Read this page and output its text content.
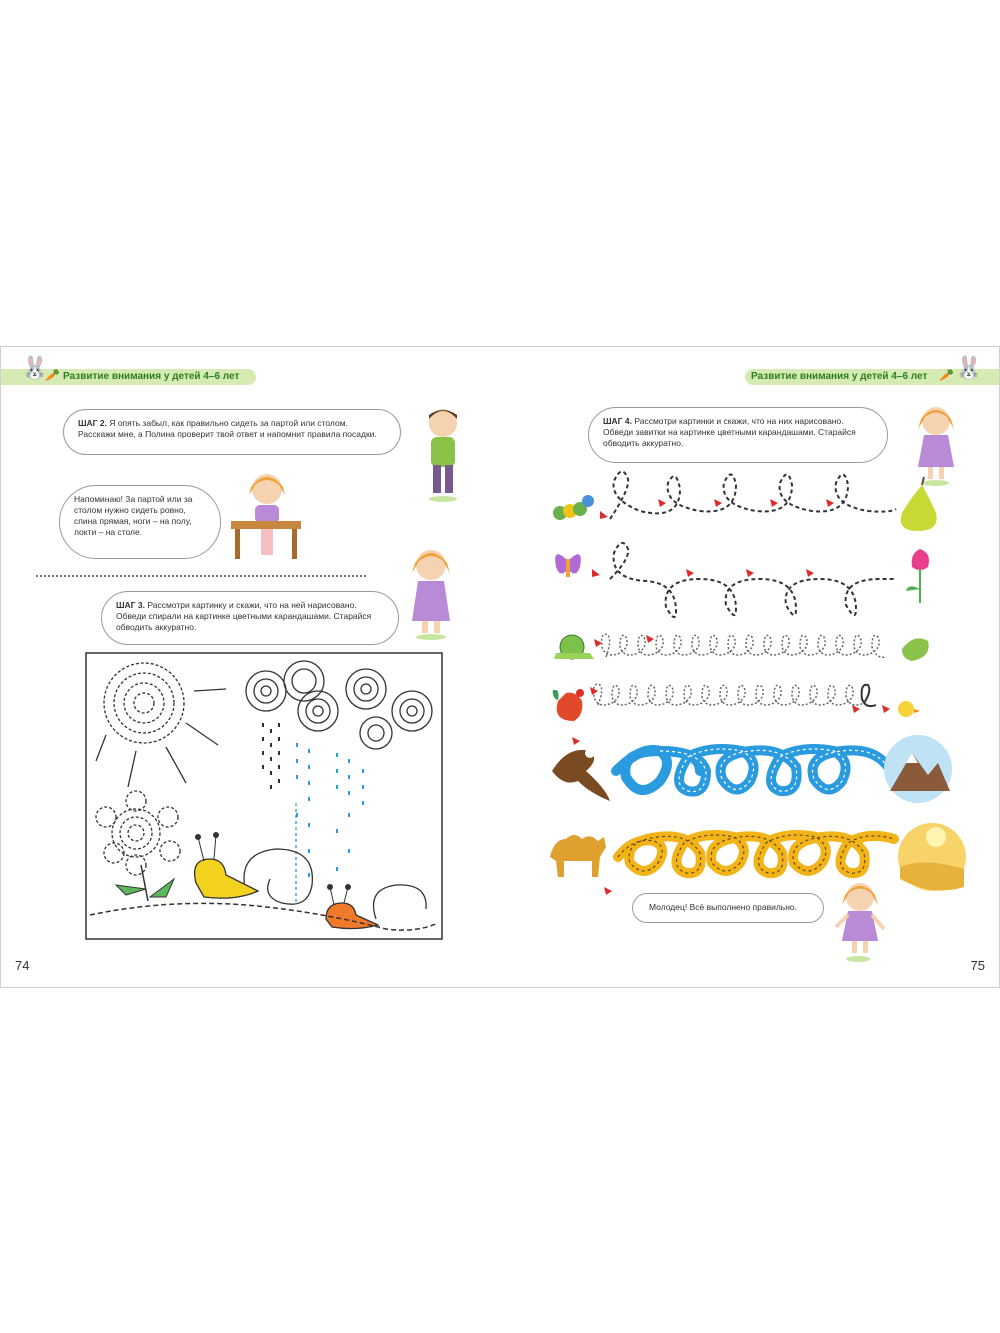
🐰
🥕 Развитие внимания у детей 4–6 лет
ШАГ 2. Я опять забыл, как правильно сидеть за партой или столом. Расскажи мне, а Полина проверит твой ответ и напомнит правила посадки.
Напоминаю! За партой или за столом нужно сидеть ровно, спина прямая, ноги – на полу, локти – на столе.
ШАГ 3. Рассмотри картинку и скажи, что на ней нарисовано. Обведи спирали на картинке цветными карандашами. Старайся обводить аккуратно.
74
Развитие внимания у детей 4–6 лет 🥕 🐰
ШАГ 4. Рассмотри картинки и скажи, что на них нарисовано. Обведи завитки на картинке цветными карандашами. Старайся обводить аккуратно.
Молодец! Всё выполнено правильно.
75
